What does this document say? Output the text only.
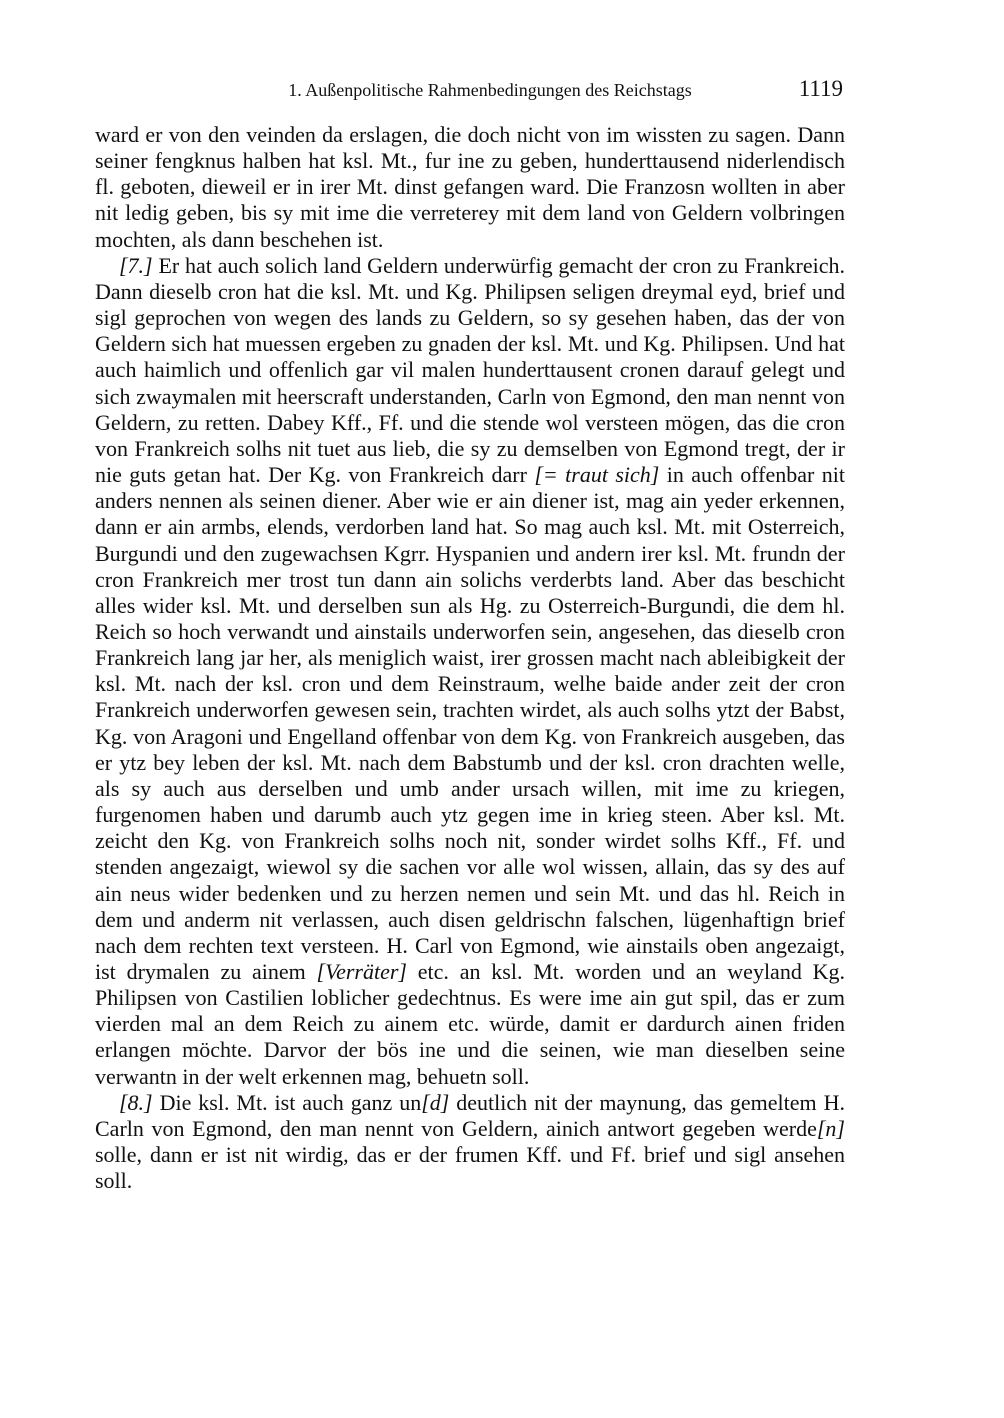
1. Außenpolitische Rahmenbedingungen des Reichstags	1119

ward er von den veinden da erslagen, die doch nicht von im wissten zu sagen. Dann seiner fengknus halben hat ksl. Mt., fur ine zu geben, hunderttausend niderlendisch fl. geboten, dieweil er in irer Mt. dinst gefangen ward. Die Franzosn wollten in aber nit ledig geben, bis sy mit ime die verreterey mit dem land von Geldern volbringen mochten, als dann beschehen ist.

[7.] Er hat auch solich land Geldern underwürfig gemacht der cron zu Frankreich. Dann dieselb cron hat die ksl. Mt. und Kg. Philipsen seligen dreymal eyd, brief und sigl geprochen von wegen des lands zu Geldern, so sy gesehen haben, das der von Geldern sich hat muessen ergeben zu gnaden der ksl. Mt. und Kg. Philipsen. Und hat auch haimlich und offenlich gar vil malen hunderttausent cronen darauf gelegt und sich zwaymalen mit heerscraft understanden, Carln von Egmond, den man nennt von Geldern, zu retten. Dabey Kff., Ff. und die stende wol versteen mögen, das die cron von Frankreich solhs nit tuet aus lieb, die sy zu demselben von Egmond tregt, der ir nie guts getan hat. Der Kg. von Frankreich darr [= traut sich] in auch offenbar nit anders nennen als seinen diener. Aber wie er ain diener ist, mag ain yeder erkennen, dann er ain armbs, elends, verdorben land hat. So mag auch ksl. Mt. mit Osterreich, Burgundi und den zugewachsen Kgrr. Hyspanien und andern irer ksl. Mt. frundn der cron Frankreich mer trost tun dann ain solichs verderbts land. Aber das beschicht alles wider ksl. Mt. und derselben sun als Hg. zu Osterreich-Burgundi, die dem hl. Reich so hoch verwandt und ainstails underworfen sein, angesehen, das dieselb cron Frankreich lang jar her, als meniglich waist, irer grossen macht nach ableibigkeit der ksl. Mt. nach der ksl. cron und dem Reinstraum, welhe baide ander zeit der cron Frankreich underworfen gewesen sein, trachten wirdet, als auch solhs ytzt der Babst, Kg. von Aragoni und Engelland offenbar von dem Kg. von Frankreich ausgeben, das er ytz bey leben der ksl. Mt. nach dem Babstumb und der ksl. cron drachten welle, als sy auch aus derselben und umb ander ursach willen, mit ime zu kriegen, furgenomen haben und darumb auch ytz gegen ime in krieg steen. Aber ksl. Mt. zeicht den Kg. von Frankreich solhs noch nit, sonder wirdet solhs Kff., Ff. und stenden angezaigt, wiewol sy die sachen vor alle wol wissen, allain, das sy des auf ain neus wider bedenken und zu herzen nemen und sein Mt. und das hl. Reich in dem und anderm nit verlassen, auch disen geldrischn falschen, lügenhaftign brief nach dem rechten text versteen. H. Carl von Egmond, wie ainstails oben angezaigt, ist drymalen zu ainem [Verräter] etc. an ksl. Mt. worden und an weyland Kg. Philipsen von Castilien loblicher gedechtnus. Es were ime ain gut spil, das er zum vierden mal an dem Reich zu ainem etc. würde, damit er dardurch ainen friden erlangen möchte. Darvor der bös ine und die seinen, wie man dieselben seine verwantn in der welt erkennen mag, behuetn soll.

[8.] Die ksl. Mt. ist auch ganz un[d] deutlich nit der maynung, das gemeltem H. Carln von Egmond, den man nennt von Geldern, ainich antwort gegeben werde[n] solle, dann er ist nit wirdig, das er der frumen Kff. und Ff. brief und sigl ansehen soll.
